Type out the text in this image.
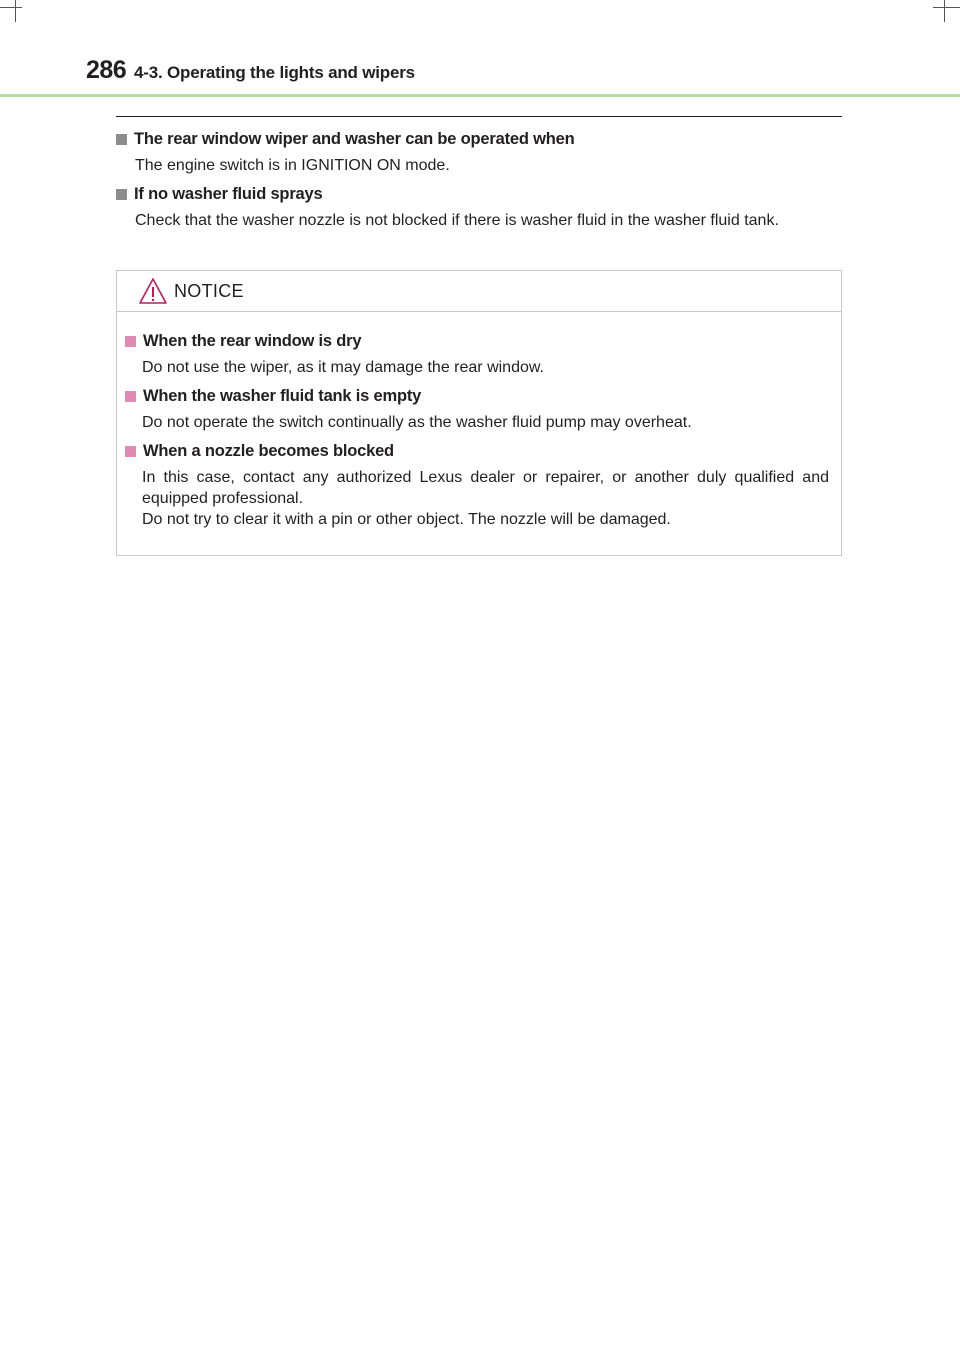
286 4-3. Operating the lights and wipers
The rear window wiper and washer can be operated when
The engine switch is in IGNITION ON mode.
If no washer fluid sprays
Check that the washer nozzle is not blocked if there is washer fluid in the washer fluid tank.
NOTICE
When the rear window is dry
Do not use the wiper, as it may damage the rear window.
When the washer fluid tank is empty
Do not operate the switch continually as the washer fluid pump may overheat.
When a nozzle becomes blocked
In this case, contact any authorized Lexus dealer or repairer, or another duly qualified and equipped professional.
Do not try to clear it with a pin or other object. The nozzle will be damaged.
